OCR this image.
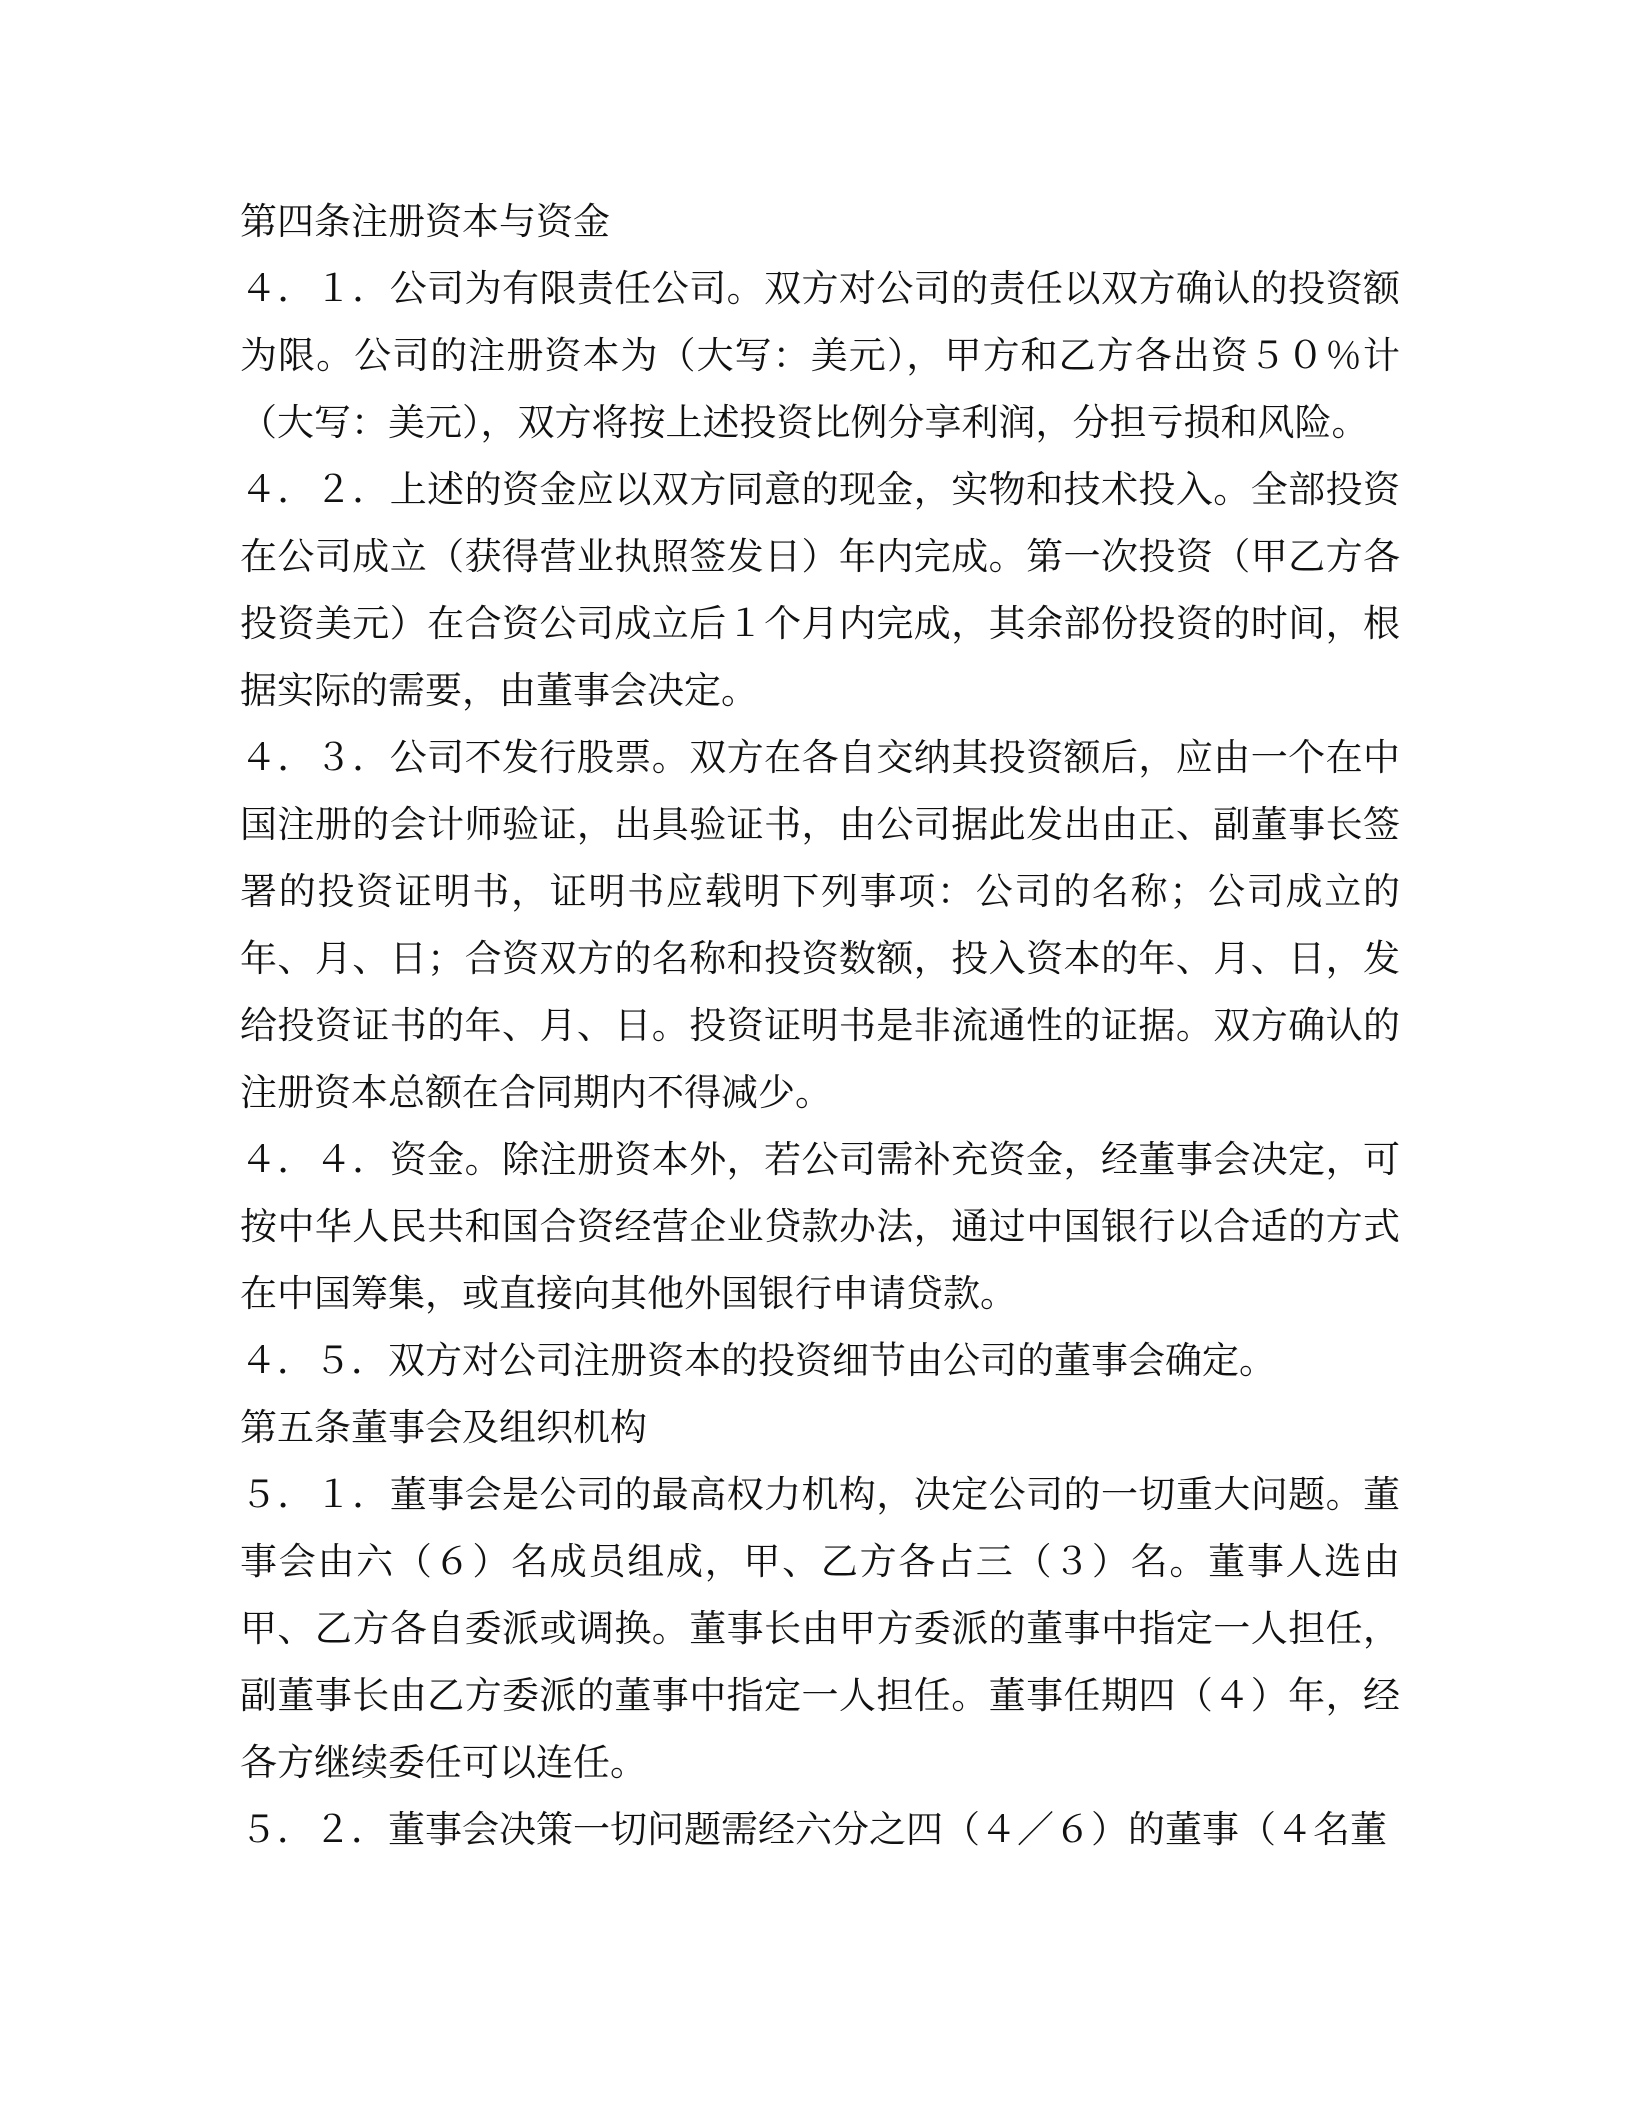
第四条注册资本与资金

４．１．公司为有限责任公司。双方对公司的责任以双方确认的投资额为限。公司的注册资本为（大写：美元），甲方和乙方各出资５０％计（大写：美元），双方将按上述投资比例分享利润，分担亏损和风险。

４．２．上述的资金应以双方同意的现金，实物和技术投入。全部投资在公司成立（获得营业执照签发日）年内完成。第一次投资（甲乙方各投资美元）在合资公司成立后１个月内完成，其余部份投资的时间，根据实际的需要，由董事会决定。

４．３．公司不发行股票。双方在各自交纳其投资额后，应由一个在中国注册的会计师验证，出具验证书，由公司据此发出由正、副董事长签署的投资证明书，证明书应载明下列事项：公司的名称；公司成立的年、月、日；合资双方的名称和投资数额，投入资本的年、月、日，发给投资证书的年、月、日。投资证明书是非流通性的证据。双方确认的注册资本总额在合同期内不得减少。

４．４．资金。除注册资本外，若公司需补充资金，经董事会决定，可按中华人民共和国合资经营企业贷款办法，通过中国银行以合适的方式在中国筹集，或直接向其他外国银行申请贷款。

４．５．双方对公司注册资本的投资细节由公司的董事会确定。

第五条董事会及组织机构

５．１．董事会是公司的最高权力机构，决定公司的一切重大问题。董事会由六（６）名成员组成，甲、乙方各占三（３）名。董事人选由甲、乙方各自委派或调换。董事长由甲方委派的董事中指定一人担任，副董事长由乙方委派的董事中指定一人担任。董事任期四（４）年，经各方继续委任可以连任。

５．２．董事会决策一切问题需经六分之四（４／６）的董事（４名董
